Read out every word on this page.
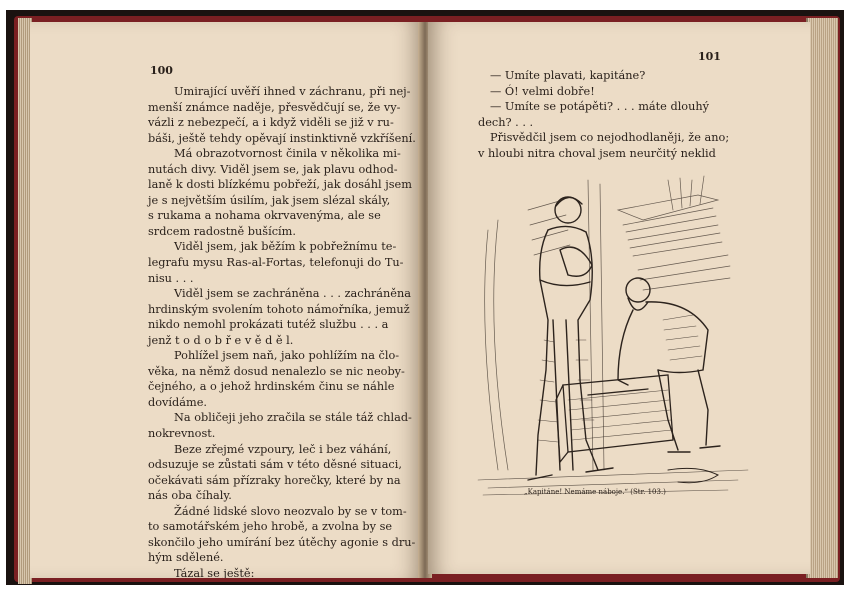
100
Umirající uvěří ihned v záchranu, při nej-
menší známce naděje, přesvědčují se, že vy-
vázli z nebezpečí, a i když viděli se již v ru-
báši, ještě tehdy opěvají instinktivně vzkříšení.
Má obrazotvornost činila v několika mi-
nutách divy. Viděl jsem se, jak plavu odhod-
laně k dosti blízkému pobřeží, jak dosáhl jsem
je s největším úsilím, jak jsem slézal skály,
s rukama a nohama okrvavenýma, ale se
srdcem radostně bušícím.
Viděl jsem, jak běžím k pobřežnímu te-
legrafu mysu Ras-al-Fortas, telefonuji do Tu-
nisu . . .
Viděl jsem se zachráněna . . . zachráněna
hrdinským svolením tohoto námořníka, jemuž
nikdo nemohl prokázati tutéž službu . . . a
jenž t o d o b ř e v ě d ě l.
Pohlížel jsem naň, jako pohlížím na člo-
věka, na němž dosud nenalezlo se nic neoby-
čejného, a o jehož hrdinském činu se náhle
dovídáme.
Na obličeji jeho zračila se stále táž chlad-
nokrevnost.
Beze zřejmé vzpoury, leč i bez váhání,
odsuzuje se zůstati sám v této děsné situaci,
očekávati sám přízraky horečky, které by na
nás oba číhaly.
Žádné lidské slovo neozvalo by se v tom-
to samotářském jeho hrobě, a zvolna by se
skončilo jeho umírání bez útěchy agonie s dru-
hým sdělené.
Tázal se ještě:
101
— Umíte plavati, kapitáne?
— Ó! velmi dobře!
— Umíte se potápěti? . . . máte dlouhý
dech? . . .
Přisvědčil jsem co nejodhodlaněji, že ano;
v hloubi nitra choval jsem neurčitý neklid
„Kapitáne! Nemáme náboje.“ (Str. 103.)
